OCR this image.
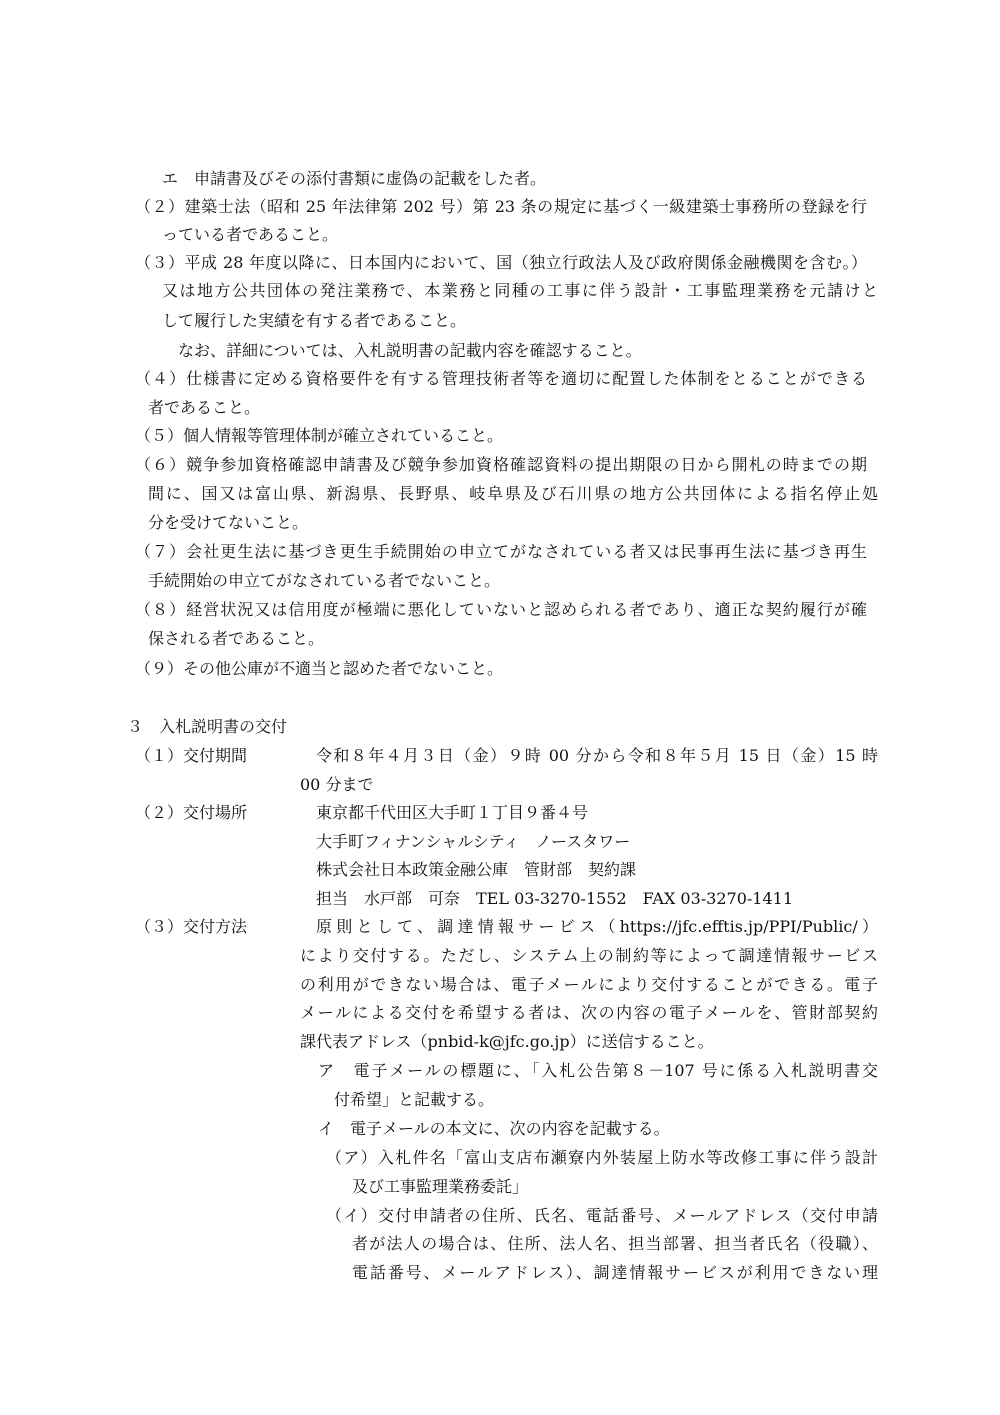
エ　申請書及びその添付書類に虚偽の記載をした者。
（２）建築士法（昭和 25 年法律第 202 号）第 23 条の規定に基づく一級建築士事務所の登録を行
っている者であること。
（３）平成 28 年度以降に、日本国内において、国（独立行政法人及び政府関係金融機関を含む。）
又は地方公共団体の発注業務で、本業務と同種の工事に伴う設計・工事監理業務を元請けと
して履行した実績を有する者であること。
なお、詳細については、入札説明書の記載内容を確認すること。
（４）仕様書に定める資格要件を有する管理技術者等を適切に配置した体制をとることができる
者であること。
（５）個人情報等管理体制が確立されていること。
（６）競争参加資格確認申請書及び競争参加資格確認資料の提出期限の日から開札の時までの期
間に、国又は富山県、新潟県、長野県、岐阜県及び石川県の地方公共団体による指名停止処
分を受けてないこと。
（７）会社更生法に基づき更生手続開始の申立てがなされている者又は民事再生法に基づき再生
手続開始の申立てがなされている者でないこと。
（８）経営状況又は信用度が極端に悪化していないと認められる者であり、適正な契約履行が確
保される者であること。
（９）その他公庫が不適当と認めた者でないこと。
３　入札説明書の交付
（１）交付期間	令和８年４月３日（金）９時 00 分から令和８年５月 15 日（金）15 時
00 分まで
（２）交付場所	東京都千代田区大手町１丁目９番４号
大手町フィナンシャルシティ　ノースタワー
株式会社日本政策金融公庫　管財部　契約課
担当　水戸部　可奈　TEL 03-3270-1552　FAX 03-3270-1411
（３）交付方法	原則として、調達情報サービス（https://jfc.efftis.jp/PPI/Public/）
により交付する。ただし、システム上の制約等によって調達情報サービス
の利用ができない場合は、電子メールにより交付することができる。電子
メールによる交付を希望する者は、次の内容の電子メールを、管財部契約
課代表アドレス（pnbid-k@jfc.go.jp）に送信すること。
ア　電子メールの標題に、「入札公告第８－107 号に係る入札説明書交
付希望」と記載する。
イ　電子メールの本文に、次の内容を記載する。
（ア）入札件名「富山支店布瀬寮内外装屋上防水等改修工事に伴う設計
及び工事監理業務委託」
（イ）交付申請者の住所、氏名、電話番号、メールアドレス（交付申請
者が法人の場合は、住所、法人名、担当部署、担当者氏名（役職）、
電話番号、メールアドレス）、調達情報サービスが利用できない理
